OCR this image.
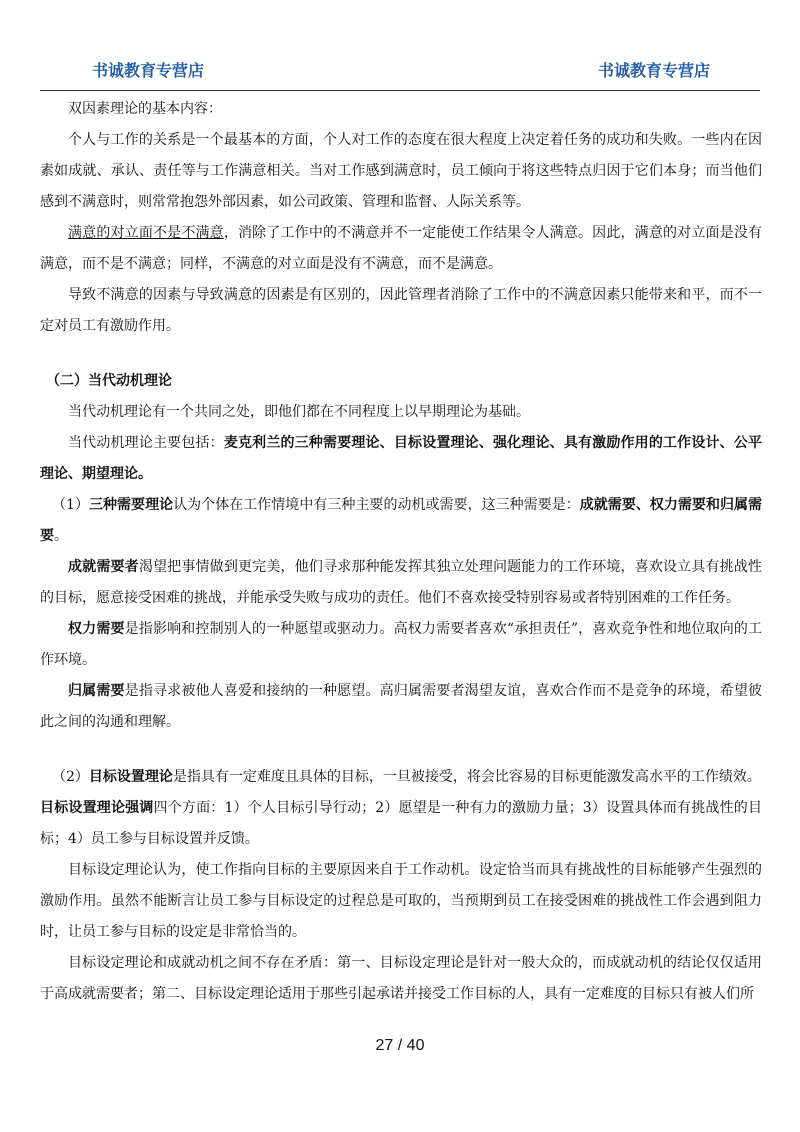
书诚教育专营店	书诚教育专营店

双因素理论的基本内容：

个人与工作的关系是一个最基本的方面，个人对工作的态度在很大程度上决定着任务的成功和失败。一些内在因素如成就、承认、责任等与工作满意相关。当对工作感到满意时，员工倾向于将这些特点归因于它们本身；而当他们感到不满意时，则常常抱怨外部因素，如公司政策、管理和监督、人际关系等。

满意的对立面不是不满意，消除了工作中的不满意并不一定能使工作结果令人满意。因此，满意的对立面是没有满意，而不是不满意；同样，不满意的对立面是没有不满意，而不是满意。

导致不满意的因素与导致满意的因素是有区别的，因此管理者消除了工作中的不满意因素只能带来和平，而不一定对员工有激励作用。

（二）当代动机理论

当代动机理论有一个共同之处，即他们都在不同程度上以早期理论为基础。

当代动机理论主要包括：麦克利兰的三种需要理论、目标设置理论、强化理论、具有激励作用的工作设计、公平理论、期望理论。

（1）三种需要理论认为个体在工作情境中有三种主要的动机或需要，这三种需要是：成就需要、权力需要和归属需要。

成就需要者渴望把事情做到更完美，他们寻求那种能发挥其独立处理问题能力的工作环境，喜欢设立具有挑战性的目标，愿意接受困难的挑战，并能承受失败与成功的责任。他们不喜欢接受特别容易或者特别困难的工作任务。

权力需要是指影响和控制别人的一种愿望或驱动力。高权力需要者喜欢“承担责任”，喜欢竞争性和地位取向的工作环境。

归属需要是指寻求被他人喜爱和接纳的一种愿望。高归属需要者渴望友谊，喜欢合作而不是竞争的环境，希望彼此之间的沟通和理解。

（2）目标设置理论是指具有一定难度且具体的目标，一旦被接受，将会比容易的目标更能激发高水平的工作绩效。

目标设置理论强调四个方面：1）个人目标引导行动；2）愿望是一种有力的激励力量；3）设置具体而有挑战性的目标；4）员工参与目标设置并反馈。

目标设定理论认为，使工作指向目标的主要原因来自于工作动机。设定恰当而具有挑战性的目标能够产生强烈的激励作用。虽然不能断言让员工参与目标设定的过程总是可取的，当预期到员工在接受困难的挑战性工作会遇到阻力时，让员工参与目标的设定是非常恰当的。

目标设定理论和成就动机之间不存在矛盾：第一、目标设定理论是针对一般大众的，而成就动机的结论仅仅适用于高成就需要者；第二、目标设定理论适用于那些引起承诺并接受工作目标的人，具有一定难度的目标只有被人们所

27 / 40
